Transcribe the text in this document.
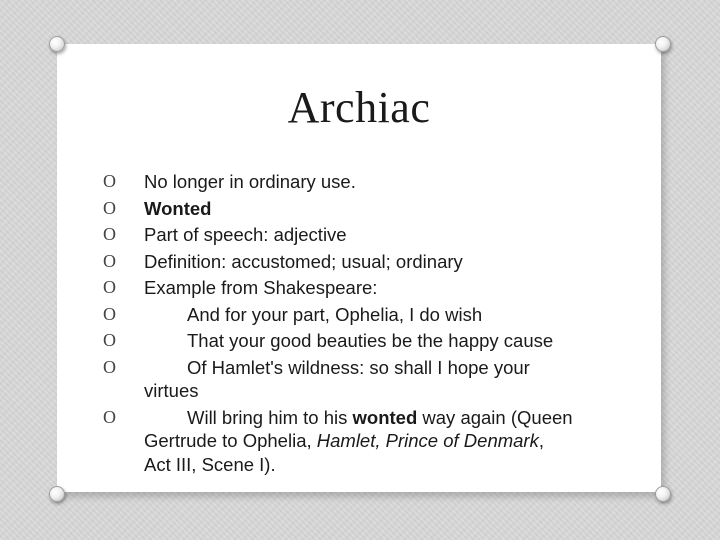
Archiac
O No longer in ordinary use.
O Wonted
O Part of speech: adjective
O Definition: accustomed; usual; ordinary
O Example from Shakespeare:
O	And for your part, Ophelia, I do wish
O	That your good beauties be the happy cause
O	Of Hamlet's wildness: so shall I hope your virtues
O	Will bring him to his wonted way again (Queen Gertrude to Ophelia, Hamlet, Prince of Denmark, Act III, Scene I).
